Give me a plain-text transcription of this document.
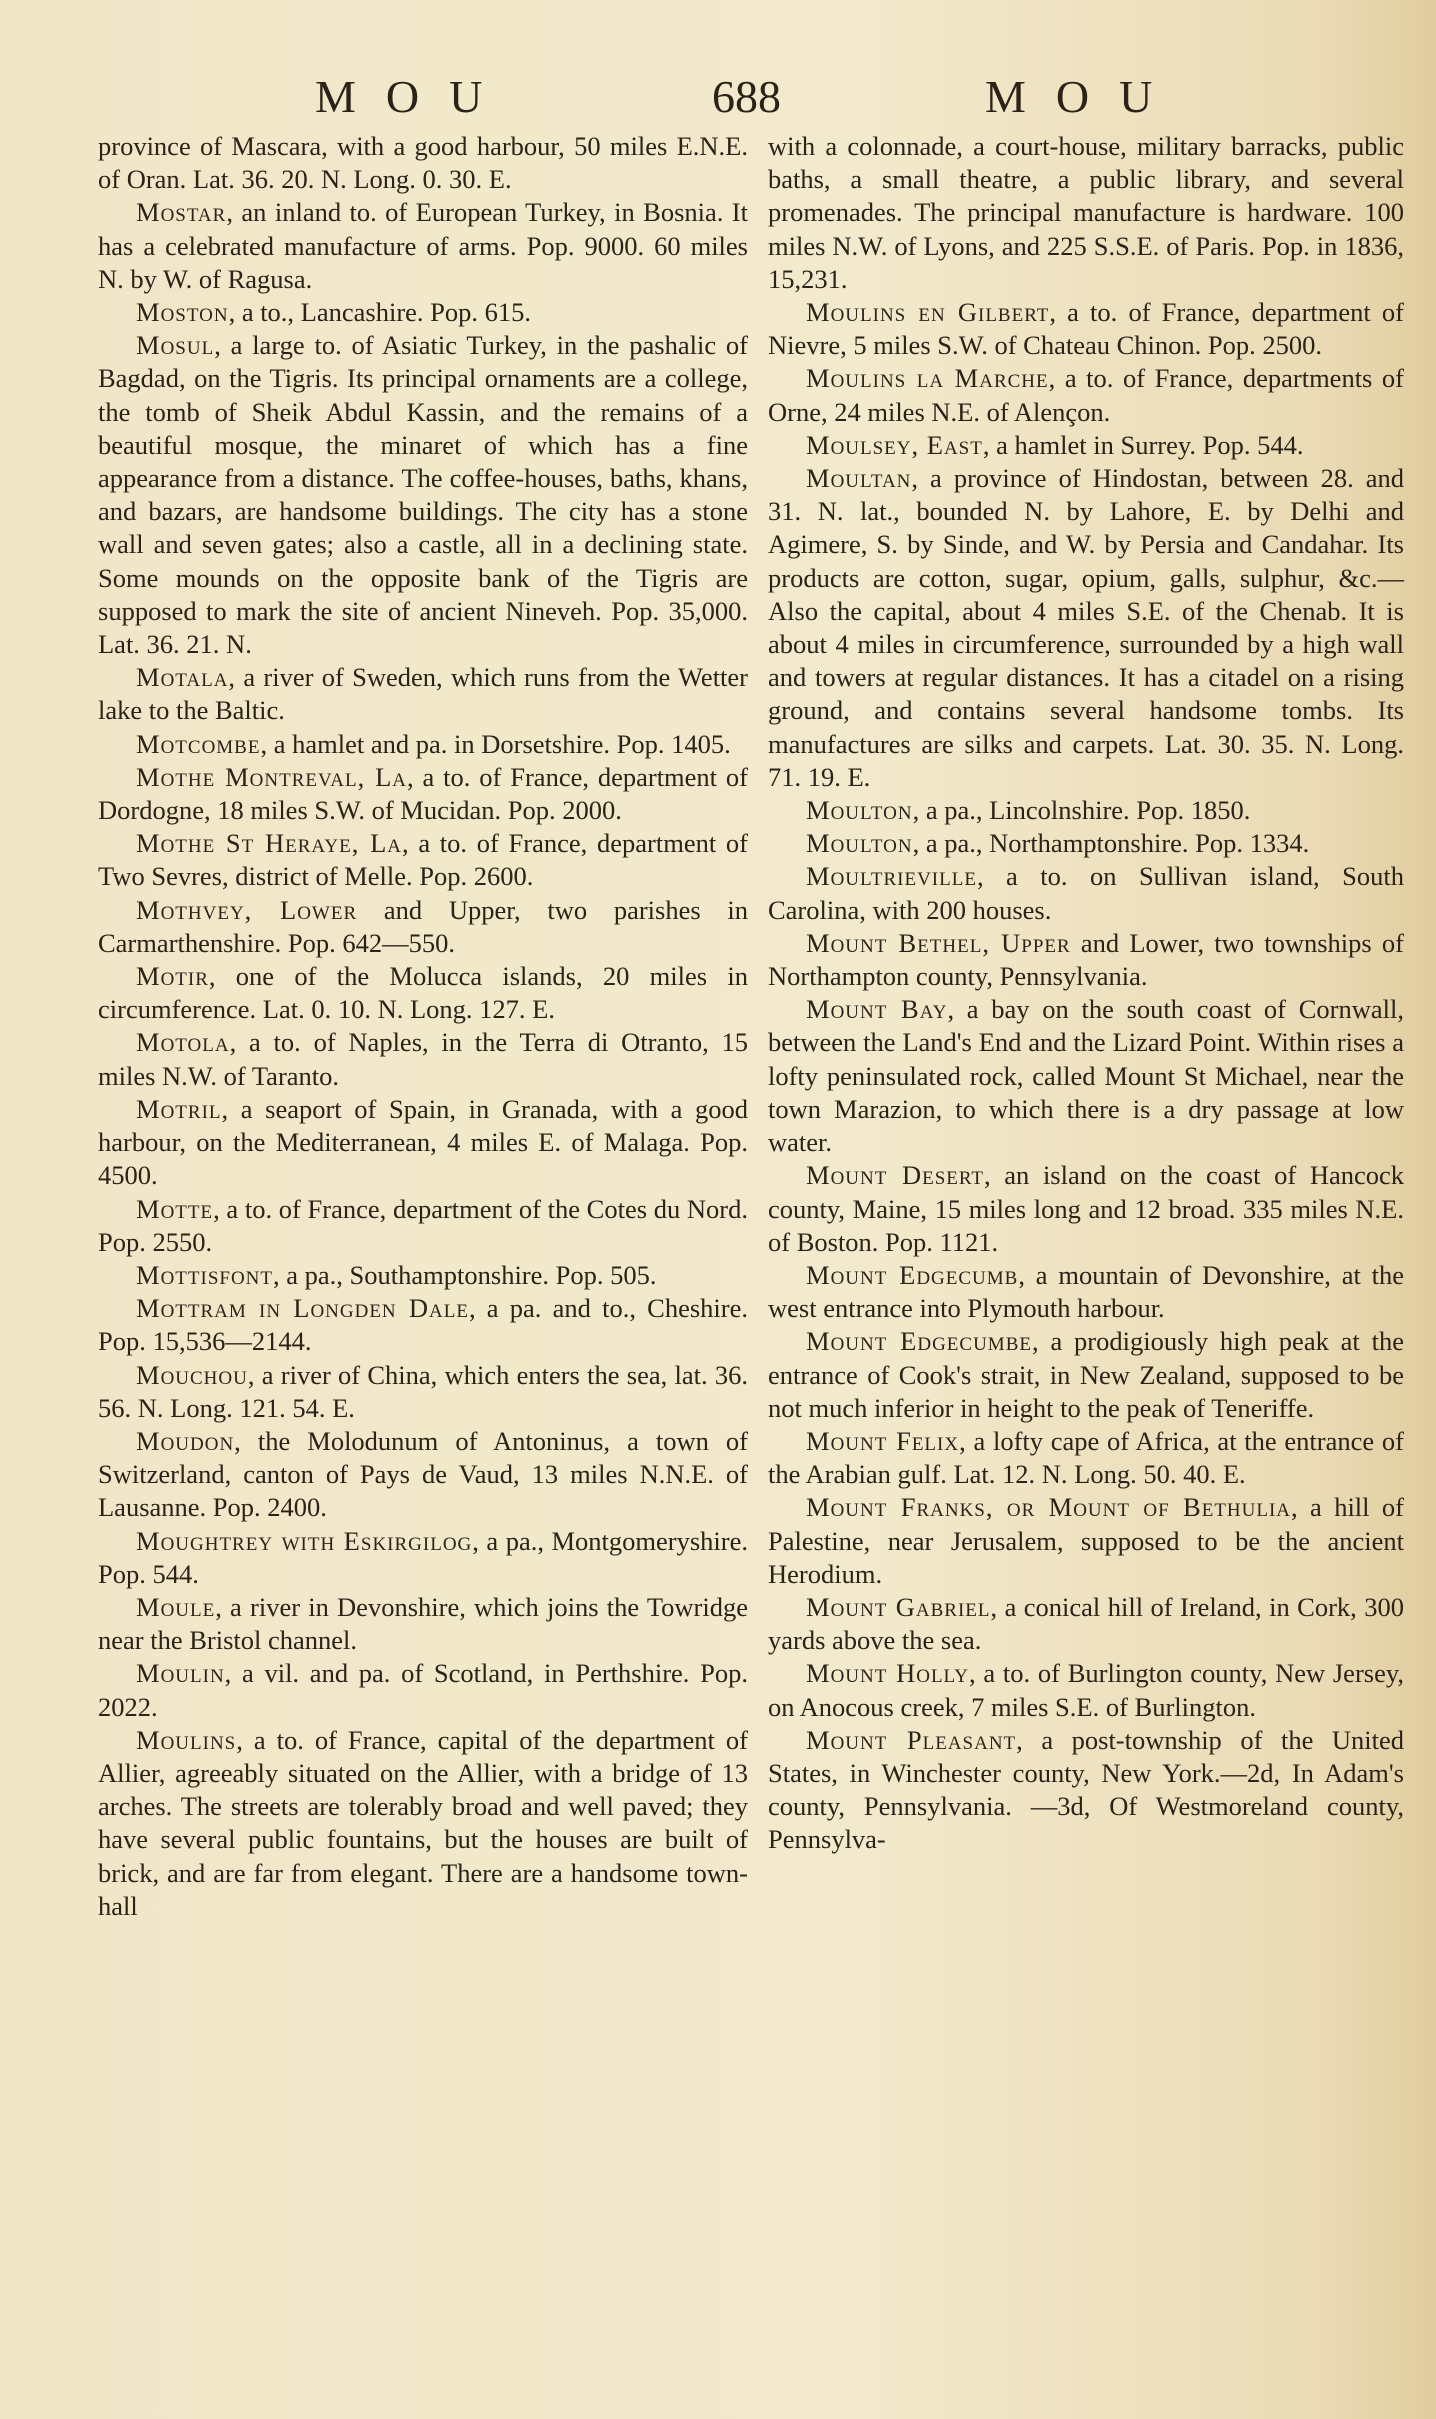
MOU	688	MOU

province of Mascara, with a good harbour, 50 miles E.N.E. of Oran. Lat. 36. 20. N. Long. 0. 30. E.

Mostar, an inland to. of European Turkey, in Bosnia. It has a celebrated manufacture of arms. Pop. 9000. 60 miles N. by W. of Ragusa.

Moston, a to., Lancashire. Pop. 615.

Mosul, a large to. of Asiatic Turkey, in the pashalic of Bagdad, on the Tigris. Its principal ornaments are a college, the tomb of Sheik Abdul Kassin, and the remains of a beautiful mosque, the minaret of which has a fine appearance from a distance. The coffee-houses, baths, khans, and bazars, are handsome buildings. The city has a stone wall and seven gates; also a castle, all in a declining state. Some mounds on the opposite bank of the Tigris are supposed to mark the site of ancient Nineveh. Pop. 35,000. Lat. 36. 21. N.

Motala, a river of Sweden, which runs from the Wetter lake to the Baltic.

Motcombe, a hamlet and pa. in Dorsetshire. Pop. 1405.

Mothe Montreval, La, a to. of France, department of Dordogne, 18 miles S.W. of Mucidan. Pop. 2000.

Mothe St Heraye, La, a to. of France, department of Two Sevres, district of Melle. Pop. 2600.

Mothvey, Lower and Upper, two parishes in Carmarthenshire. Pop. 642—550.

Motir, one of the Molucca islands, 20 miles in circumference. Lat. 0. 10. N. Long. 127. E.

Motola, a to. of Naples, in the Terra di Otranto, 15 miles N.W. of Taranto.

Motril, a seaport of Spain, in Granada, with a good harbour, on the Mediterranean, 4 miles E. of Malaga. Pop. 4500.

Motte, a to. of France, department of the Cotes du Nord. Pop. 2550.

Mottisfont, a pa., Southamptonshire. Pop. 505.

Mottram in Longden Dale, a pa. and to., Cheshire. Pop. 15,536—2144.

Mouchou, a river of China, which enters the sea, lat. 36. 56. N. Long. 121. 54. E.

Moudon, the Molodunum of Antoninus, a town of Switzerland, canton of Pays de Vaud, 13 miles N.N.E. of Lausanne. Pop. 2400.

Moughtrey with Eskirgilog, a pa., Montgomeryshire. Pop. 544.

Moule, a river in Devonshire, which joins the Towridge near the Bristol channel.

Moulin, a vil. and pa. of Scotland, in Perthshire. Pop. 2022.

Moulins, a to. of France, capital of the department of Allier, agreeably situated on the Allier, with a bridge of 13 arches. The streets are tolerably broad and well paved; they have several public fountains, but the houses are built of brick, and are far from elegant. There are a handsome town-hall

with a colonnade, a court-house, military barracks, public baths, a small theatre, a public library, and several promenades. The principal manufacture is hardware. 100 miles N.W. of Lyons, and 225 S.S.E. of Paris. Pop. in 1836, 15,231.

Moulins en Gilbert, a to. of France, department of Nievre, 5 miles S.W. of Chateau Chinon. Pop. 2500.

Moulins la Marche, a to. of France, departments of Orne, 24 miles N.E. of Alençon.

Moulsey, East, a hamlet in Surrey. Pop. 544.

Moultan, a province of Hindostan, between 28. and 31. N. lat., bounded N. by Lahore, E. by Delhi and Agimere, S. by Sinde, and W. by Persia and Candahar. Its products are cotton, sugar, opium, galls, sulphur, &c.—Also the capital, about 4 miles S.E. of the Chenab. It is about 4 miles in circumference, surrounded by a high wall and towers at regular distances. It has a citadel on a rising ground, and contains several handsome tombs. Its manufactures are silks and carpets. Lat. 30. 35. N. Long. 71. 19. E.

Moulton, a pa., Lincolnshire. Pop. 1850.

Moulton, a pa., Northamptonshire. Pop. 1334.

Moultrieville, a to. on Sullivan island, South Carolina, with 200 houses.

Mount Bethel, Upper and Lower, two townships of Northampton county, Pennsylvania.

Mount Bay, a bay on the south coast of Cornwall, between the Land's End and the Lizard Point. Within rises a lofty peninsulated rock, called Mount St Michael, near the town Marazion, to which there is a dry passage at low water.

Mount Desert, an island on the coast of Hancock county, Maine, 15 miles long and 12 broad. 335 miles N.E. of Boston. Pop. 1121.

Mount Edgecumb, a mountain of Devonshire, at the west entrance into Plymouth harbour.

Mount Edgecumbe, a prodigiously high peak at the entrance of Cook's strait, in New Zealand, supposed to be not much inferior in height to the peak of Teneriffe.

Mount Felix, a lofty cape of Africa, at the entrance of the Arabian gulf. Lat. 12. N. Long. 50. 40. E.

Mount Franks, or Mount of Bethulia, a hill of Palestine, near Jerusalem, supposed to be the ancient Herodium.

Mount Gabriel, a conical hill of Ireland, in Cork, 300 yards above the sea.

Mount Holly, a to. of Burlington county, New Jersey, on Anocous creek, 7 miles S.E. of Burlington.

Mount Pleasant, a post-township of the United States, in Winchester county, New York.—2d, In Adam's county, Pennsylvania. —3d, Of Westmoreland county, Pennsylva-
